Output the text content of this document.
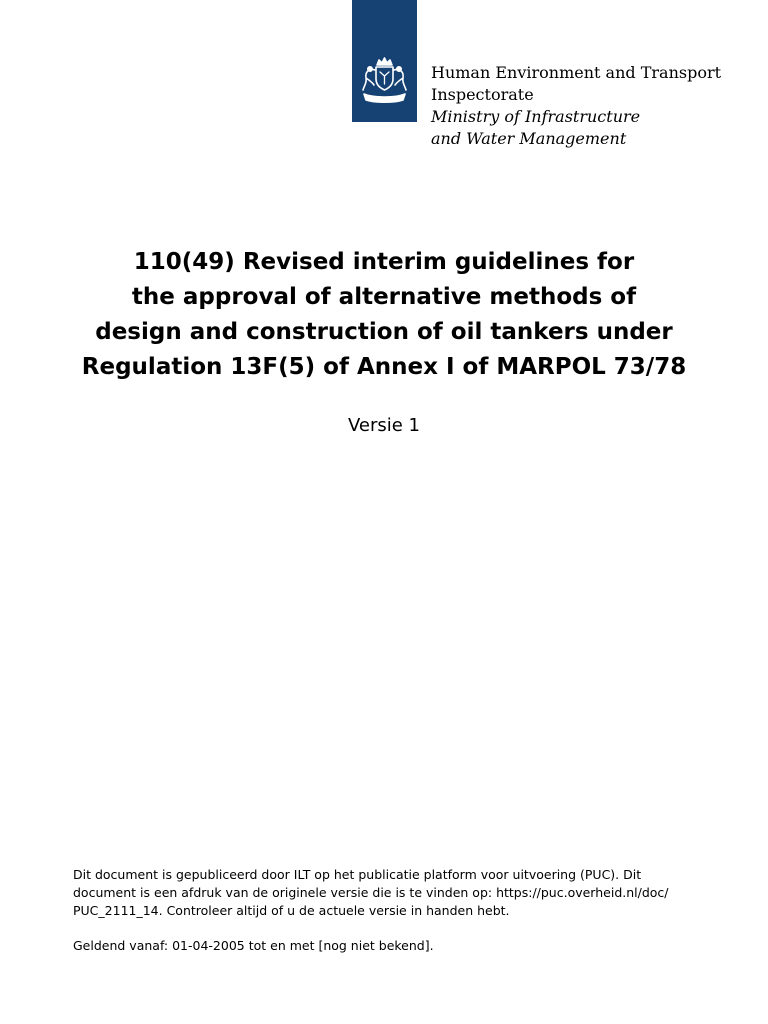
Human Environment and Transport
Inspectorate
Ministry of Infrastructure
and Water Management
110(49) Revised interim guidelines for
the approval of alternative methods of
design and construction of oil tankers under
Regulation 13F(5) of Annex I of MARPOL 73/78
Versie 1
Dit document is gepubliceerd door ILT op het publicatie platform voor uitvoering (PUC). Dit
document is een afdruk van de originele versie die is te vinden op: https://puc.overheid.nl/doc/
PUC_2111_14. Controleer altijd of u de actuele versie in handen hebt.
Geldend vanaf: 01-04-2005 tot en met [nog niet bekend].
